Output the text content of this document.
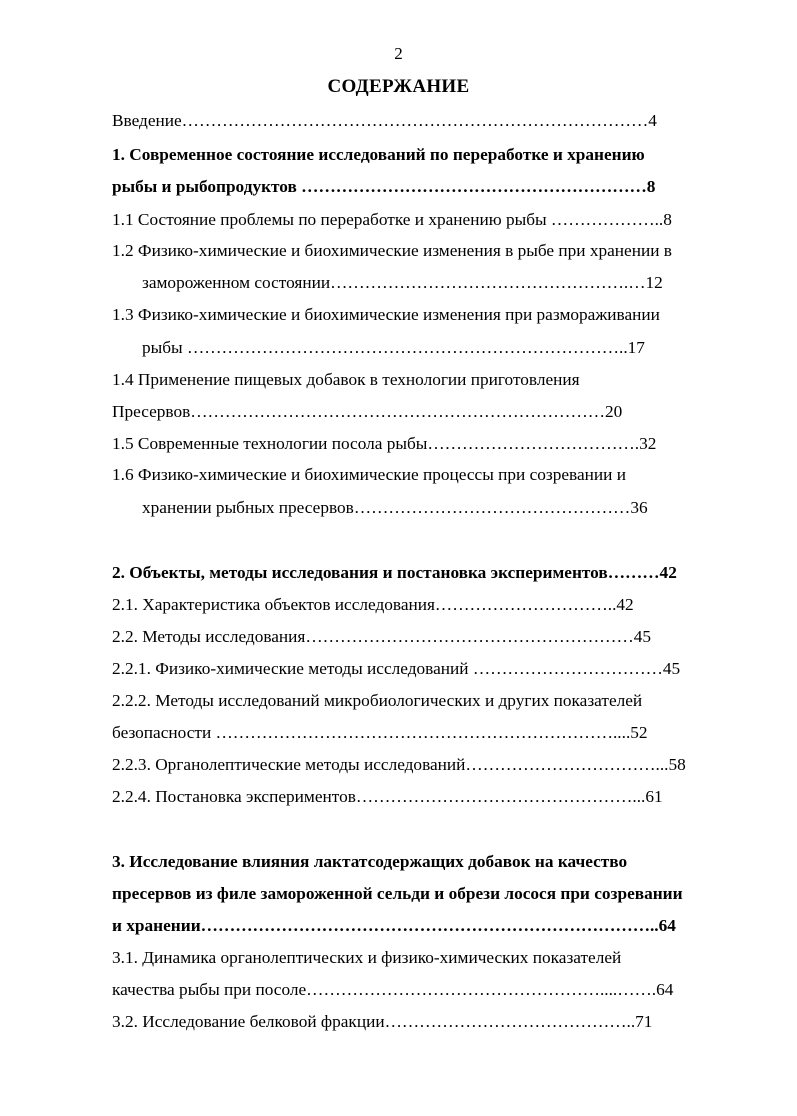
2
СОДЕРЖАНИЕ
Введение………………………………………………………………………4
1. Современное состояние исследований по переработке и хранению
рыбы и рыбопродуктов ……………………………………………………8
1.1 Состояние проблемы по переработке и хранению рыбы ………………..8
1.2 Физико-химические и биохимические изменения в рыбе при хранении в
замороженном состоянии…………………………………………….…12
1.3 Физико-химические и биохимические изменения при размораживании
рыбы …………………………………………………………………..17
1.4 Применение пищевых добавок в технологии приготовления
Пресервов………………………………………………………………20
1.5 Современные технологии посола рыбы……………………………….32
1.6 Физико-химические и биохимические процессы при созревании и
хранении рыбных пресервов…………………………………………36
2. Объекты, методы исследования и постановка экспериментов………42
2.1. Характеристика объектов исследования…………………………..42
2.2. Методы исследования…………………………………………………45
2.2.1. Физико-химические методы исследований ……………………………45
2.2.2. Методы исследований микробиологических и других показателей
безопасности ……………………………………………………………....52
2.2.3. Органолептические методы исследований……………………………...58
2.2.4. Постановка экспериментов…………………………………………...61
3. Исследование влияния лактатсодержащих добавок на качество
пресервов из филе замороженной сельди и обрези лосося при созревании
и хранении……………………………………………………………………..64
3.1. Динамика органолептических и физико-химических показателей
качества рыбы при посоле……………………………………………....…….64
3.2. Исследование белковой фракции……………………………………..71
